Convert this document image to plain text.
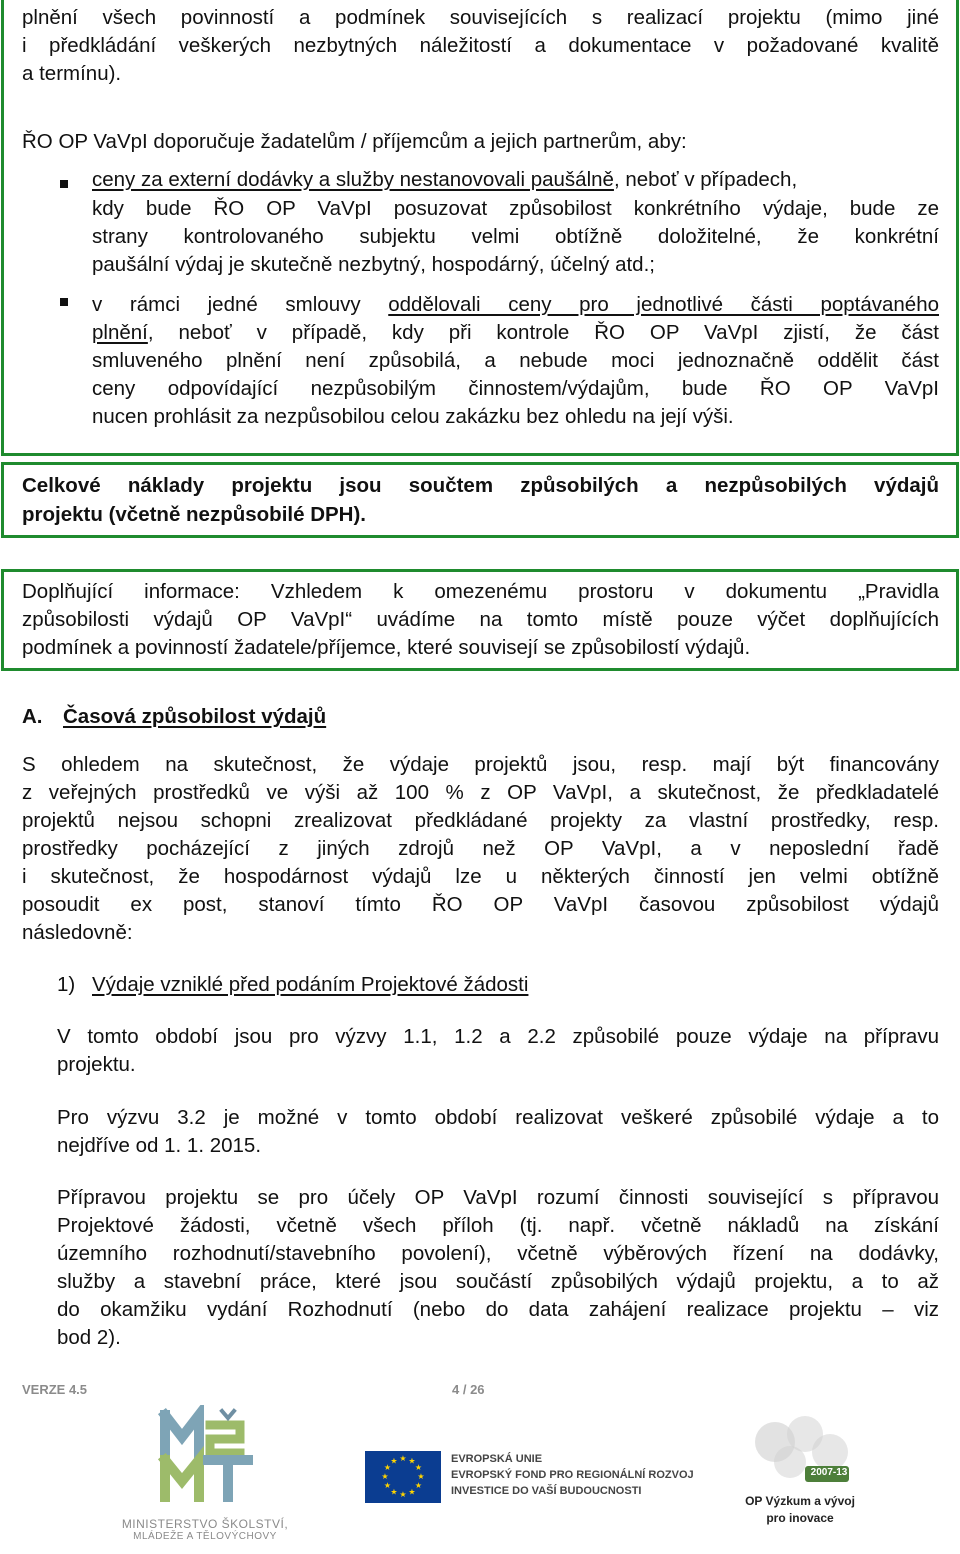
plnění všech povinností a podmínek souvisejících s realizací projektu (mimo jiné
i předkládání veškerých nezbytných náležitostí a dokumentace v požadované kvalitě
a termínu).
ŘO OP VaVpI doporučuje žadatelům / příjemcům a jejich partnerům, aby:
ceny za externí dodávky a služby nestanovovali paušálně, neboť v případech,
kdy bude ŘO OP VaVpI posuzovat způsobilost konkrétního výdaje, bude ze
strany kontrolovaného subjektu velmi obtížně doložitelné, že konkrétní
paušální výdaj je skutečně nezbytný, hospodárný, účelný atd.;
v rámci jedné smlouvy oddělovali ceny pro jednotlivé části poptávaného
plnění, neboť v případě, kdy při kontrole ŘO OP VaVpI zjistí, že část
smluveného plnění není způsobilá, a nebude moci jednoznačně oddělit část
ceny odpovídající nezpůsobilým činnostem/výdajům, bude ŘO OP VaVpI
nucen prohlásit za nezpůsobilou celou zakázku bez ohledu na její výši.
Celkové náklady projektu jsou součtem způsobilých a nezpůsobilých výdajů
projektu (včetně nezpůsobilé DPH).
Doplňující informace: Vzhledem k omezenému prostoru v dokumentu „Pravidla
způsobilosti výdajů OP VaVpI“ uvádíme na tomto místě pouze výčet doplňujících
podmínek a povinností žadatele/příjemce, které souvisejí se způsobilostí výdajů.
A. Časová způsobilost výdajů
S ohledem na skutečnost, že výdaje projektů jsou, resp. mají být financovány
z veřejných prostředků ve výši až 100 % z OP VaVpI, a skutečnost, že předkladatelé
projektů nejsou schopni zrealizovat předkládané projekty za vlastní prostředky, resp.
prostředky pocházející z jiných zdrojů než OP VaVpI, a v neposlední řadě
i skutečnost, že hospodárnost výdajů lze u některých činností jen velmi obtížně
posoudit ex post, stanoví tímto ŘO OP VaVpI časovou způsobilost výdajů
následovně:
1) Výdaje vzniklé před podáním Projektové žádosti
V tomto období jsou pro výzvy 1.1, 1.2 a 2.2 způsobilé pouze výdaje na přípravu
projektu.
Pro výzvu 3.2 je možné v tomto období realizovat veškeré způsobilé výdaje a to
nejdříve od 1. 1. 2015.
Přípravou projektu se pro účely OP VaVpI rozumí činnosti související s přípravou
Projektové žádosti, včetně všech příloh (tj. např. včetně nákladů na získání
územního rozhodnutí/stavebního povolení), včetně výběrových řízení na dodávky,
služby a stavební práce, které jsou součástí způsobilých výdajů projektu, a to až
do okamžiku vydání Rozhodnutí (nebo do data zahájení realizace projektu – viz
bod 2).
VERZE 4.5	4 / 26
MINISTERSTVO ŠKOLSTVÍ,
MLÁDEŽE A TĚLOVÝCHOVY
★ ★
★
★
★
★
★
★
★
★
★
★	EVROPSKÁ UNIE
EVROPSKÝ FOND PRO REGIONÁLNÍ ROZVOJ
INVESTICE DO VAŠÍ BUDOUCNOSTI
2007-13
OP Výzkum a vývoj
pro inovace
